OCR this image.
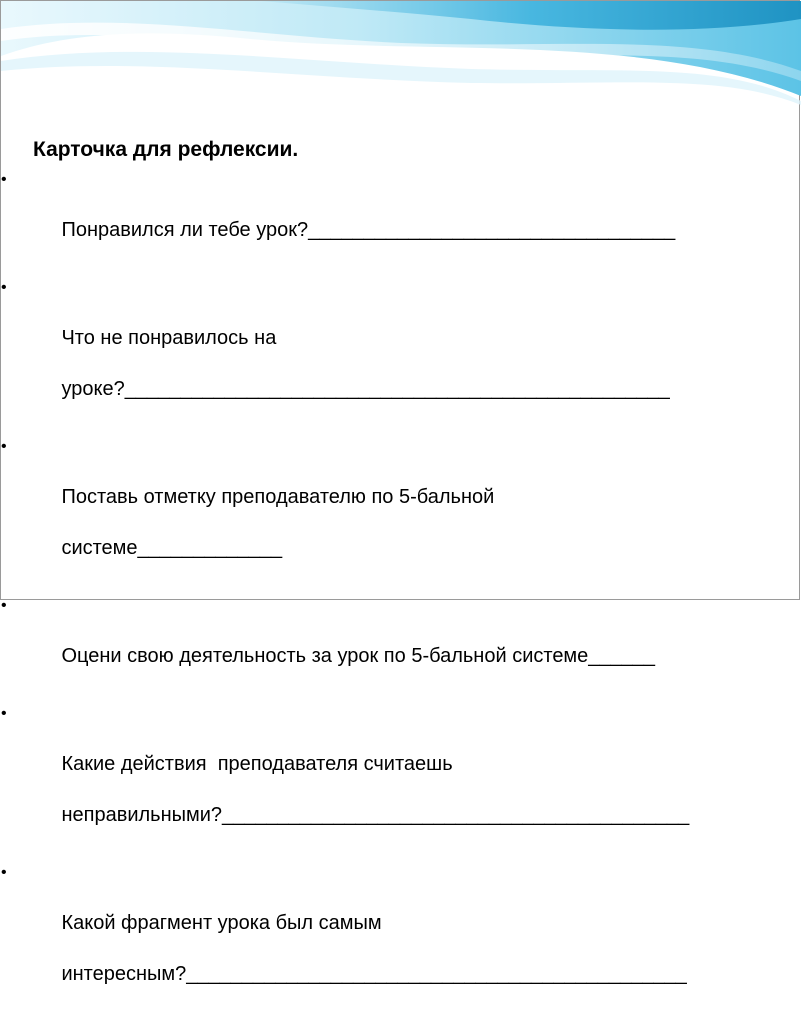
Карточка для рефлексии.

•

Понравился ли тебе урок?_________________________________

•

Что не понравилось на

уроке?_________________________________________________

•

Поставь отметку преподавателю по 5-бальной

системе_____________

•

Оцени свою деятельность за урок по 5-бальной системе______

•

Какие действия  преподавателя считаешь

неправильными?__________________________________________

•

Какой фрагмент урока был самым

интересным?_____________________________________________
